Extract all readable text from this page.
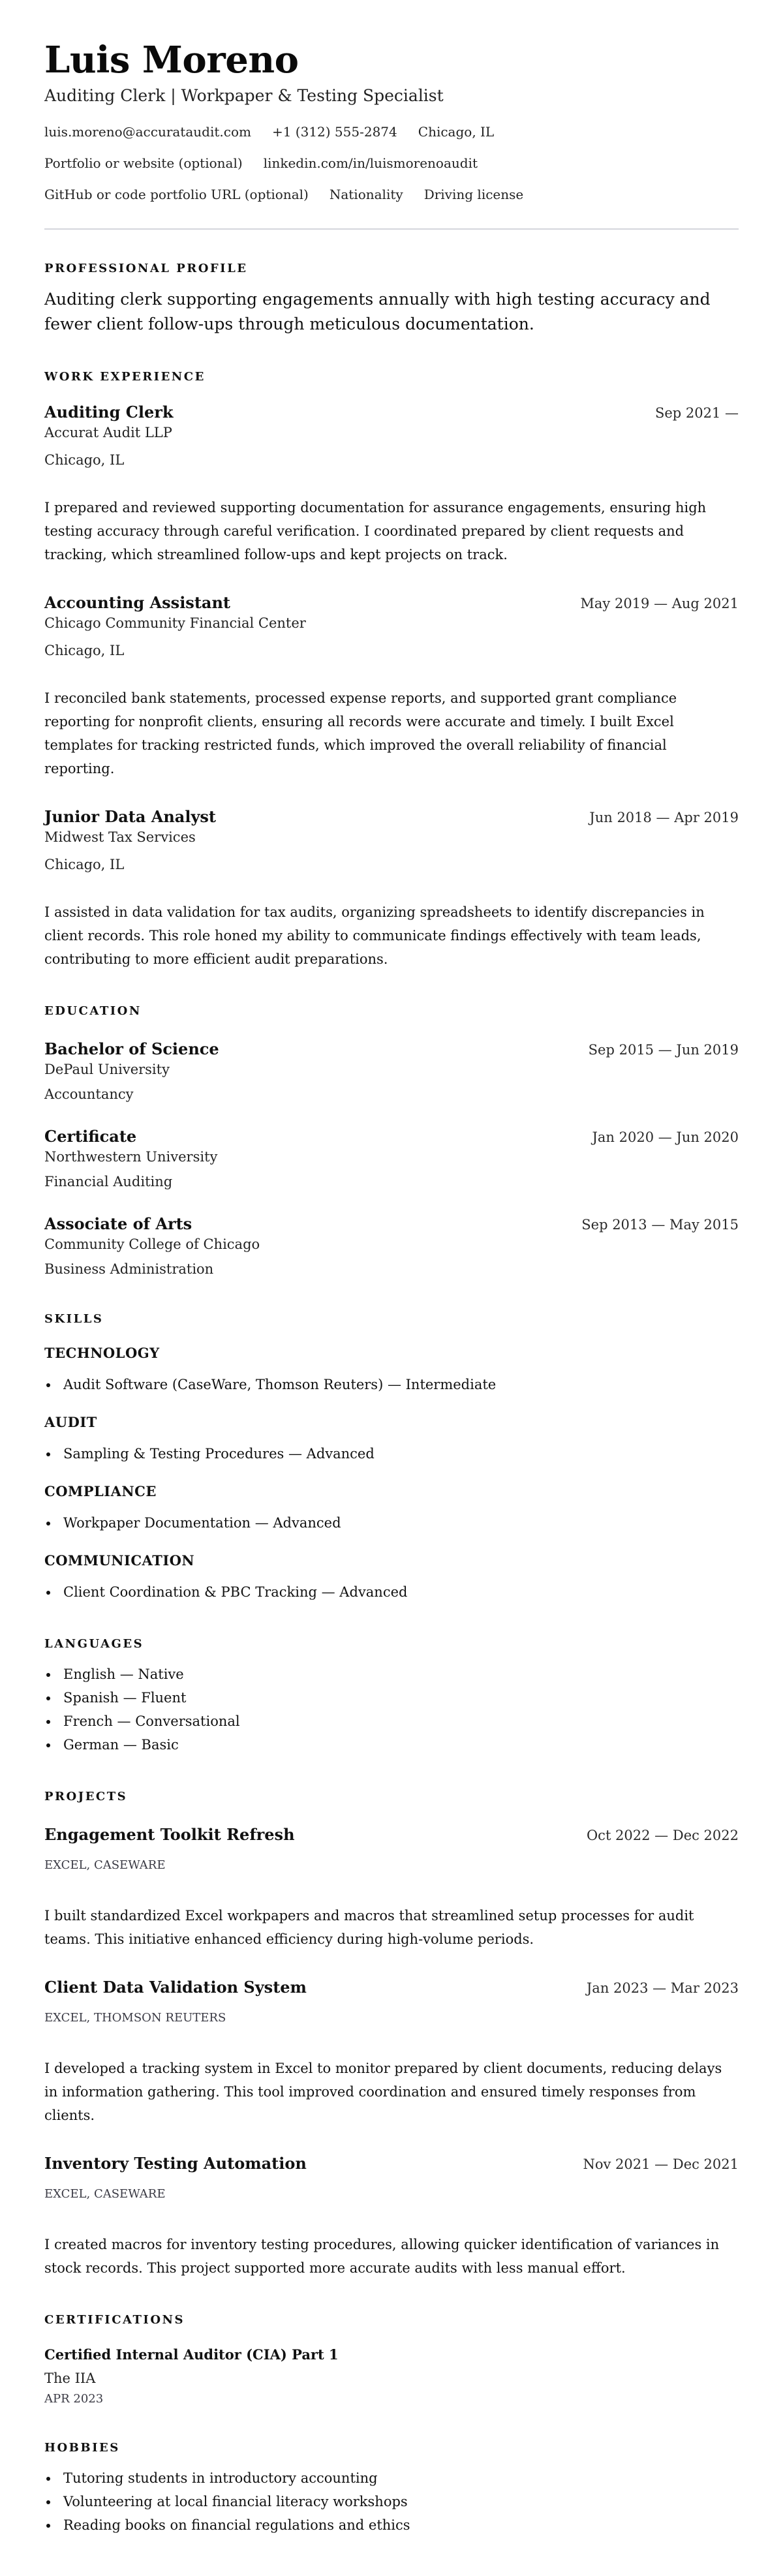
Luis Moreno
Auditing Clerk | Workpaper & Testing Specialist
luis.moreno@accurataudit.com +1 (312) 555-2874 Chicago, IL
Portfolio or website (optional) linkedin.com/in/luismorenoaudit
GitHub or code portfolio URL (optional) Nationality Driving license
PROFESSIONAL PROFILE

Auditing clerk supporting engagements annually with high testing accuracy and fewer client follow-ups through meticulous documentation.

WORK EXPERIENCE
Auditing Clerk	Sep 2021 —
Accurat Audit LLP
Chicago, IL

I prepared and reviewed supporting documentation for assurance engagements, ensuring high testing accuracy through careful verification. I coordinated prepared by client requests and tracking, which streamlined follow-ups and kept projects on track.

Accounting Assistant	May 2019 — Aug 2021
Chicago Community Financial Center
Chicago, IL

I reconciled bank statements, processed expense reports, and supported grant compliance reporting for nonprofit clients, ensuring all records were accurate and timely. I built Excel templates for tracking restricted funds, which improved the overall reliability of financial reporting.

Junior Data Analyst	Jun 2018 — Apr 2019
Midwest Tax Services
Chicago, IL

I assisted in data validation for tax audits, organizing spreadsheets to identify discrepancies in client records. This role honed my ability to communicate findings effectively with team leads, contributing to more efficient audit preparations.

EDUCATION
Bachelor of Science	Sep 2015 — Jun 2019
DePaul University
Accountancy
Certificate	Jan 2020 — Jun 2020
Northwestern University
Financial Auditing
Associate of Arts	Sep 2013 — May 2015
Community College of Chicago
Business Administration
SKILLS
TECHNOLOGY
Audit Software (CaseWare, Thomson Reuters) — Intermediate
AUDIT
Sampling & Testing Procedures — Advanced
COMPLIANCE
Workpaper Documentation — Advanced
COMMUNICATION
Client Coordination & PBC Tracking — Advanced
LANGUAGES
English — Native
Spanish — Fluent
French — Conversational
German — Basic
PROJECTS
Engagement Toolkit Refresh	Oct 2022 — Dec 2022
EXCEL, CASEWARE

I built standardized Excel workpapers and macros that streamlined setup processes for audit teams. This initiative enhanced efficiency during high-volume periods.

Client Data Validation System	Jan 2023 — Mar 2023
EXCEL, THOMSON REUTERS

I developed a tracking system in Excel to monitor prepared by client documents, reducing delays in information gathering. This tool improved coordination and ensured timely responses from clients.

Inventory Testing Automation	Nov 2021 — Dec 2021
EXCEL, CASEWARE

I created macros for inventory testing procedures, allowing quicker identification of variances in stock records. This project supported more accurate audits with less manual effort.

CERTIFICATIONS
Certified Internal Auditor (CIA) Part 1
The IIA
APR 2023
HOBBIES
Tutoring students in introductory accounting
Volunteering at local financial literacy workshops
Reading books on financial regulations and ethics
